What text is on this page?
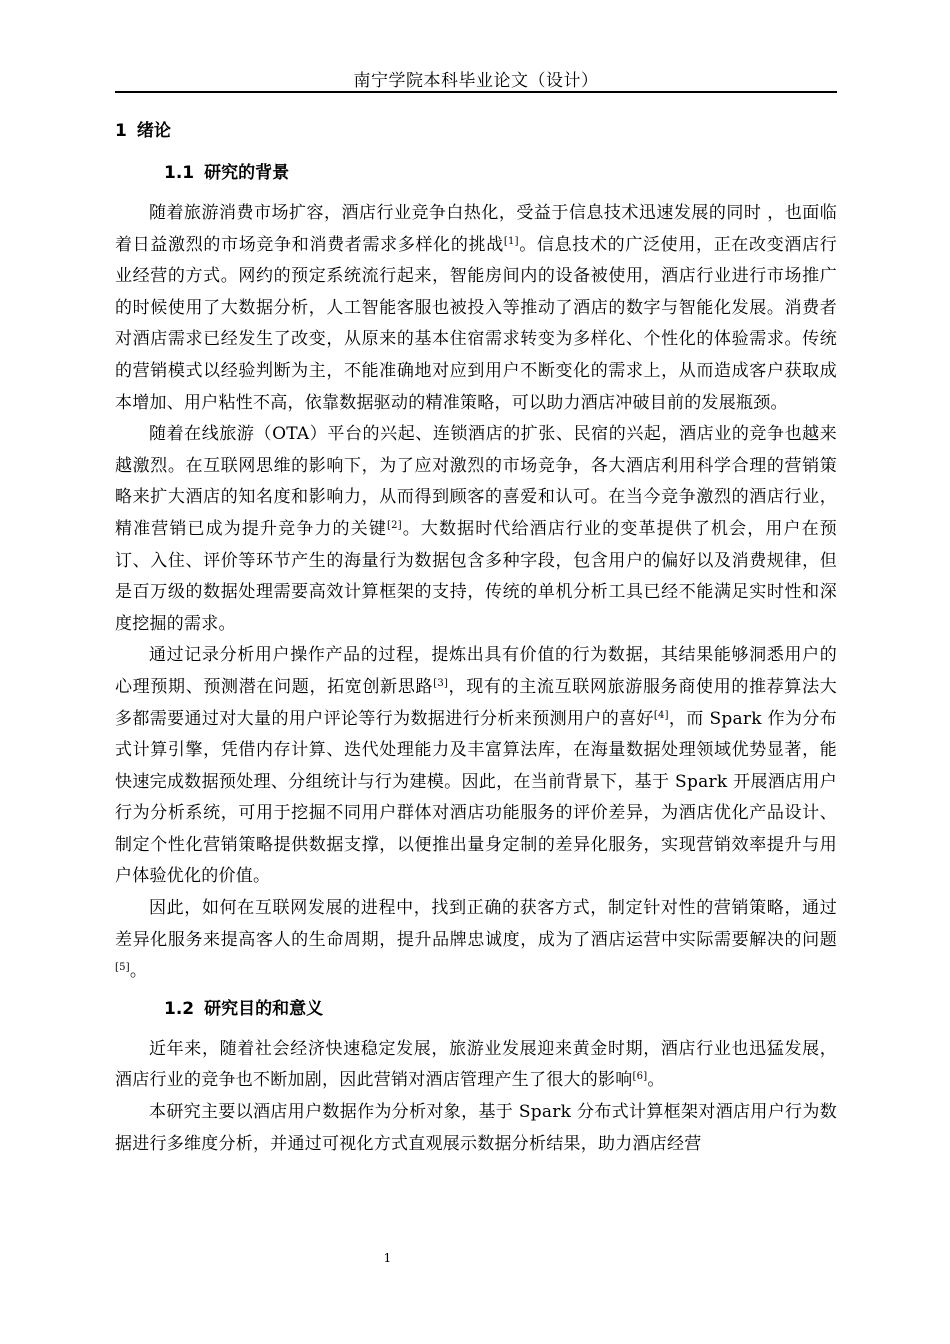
南宁学院本科毕业论文（设计）
1 绪论
1.1 研究的背景

随着旅游消费市场扩容，酒店行业竞争白热化，受益于信息技术迅速发展的同时 ，也面临着日益激烈的市场竞争和消费者需求多样化的挑战[1]。信息技术的广泛使用，正在改变酒店行业经营的方式。网约的预定系统流行起来，智能房间内的设备被使用，酒店行业进行市场推广的时候使用了大数据分析，人工智能客服也被投入等推动了酒店的数字与智能化发展。消费者对酒店需求已经发生了改变，从原来的基本住宿需求转变为多样化、个性化的体验需求。传统的营销模式以经验判断为主，不能准确地对应到用户不断变化的需求上，从而造成客户获取成本增加、用户粘性不高，依靠数据驱动的精准策略，可以助力酒店冲破目前的发展瓶颈。

随着在线旅游（OTA）平台的兴起、连锁酒店的扩张、民宿的兴起，酒店业的竞争也越来越激烈。在互联网思维的影响下，为了应对激烈的市场竞争，各大酒店利用科学合理的营销策略来扩大酒店的知名度和影响力，从而得到顾客的喜爱和认可。在当今竞争激烈的酒店行业，精准营销已成为提升竞争力的关键[2]。大数据时代给酒店行业的变革提供了机会，用户在预订、入住、评价等环节产生的海量行为数据包含多种字段，包含用户的偏好以及消费规律，但是百万级的数据处理需要高效计算框架的支持，传统的单机分析工具已经不能满足实时性和深度挖掘的需求。

通过记录分析用户操作产品的过程，提炼出具有价值的行为数据，其结果能够洞悉用户的心理预期、预测潜在问题，拓宽创新思路[3]，现有的主流互联网旅游服务商使用的推荐算法大多都需要通过对大量的用户评论等行为数据进行分析来预测用户的喜好[4]，而 Spark 作为分布式计算引擎，凭借内存计算、迭代处理能力及丰富算法库，在海量数据处理领域优势显著，能快速完成数据预处理、分组统计与行为建模。因此，在当前背景下，基于 Spark 开展酒店用户行为分析系统，可用于挖掘不同用户群体对酒店功能服务的评价差异，为酒店优化产品设计、制定个性化营销策略提供数据支撑，以便推出量身定制的差异化服务，实现营销效率提升与用户体验优化的价值。

因此，如何在互联网发展的进程中，找到正确的获客方式，制定针对性的营销策略，通过差异化服务来提高客人的生命周期，提升品牌忠诚度，成为了酒店运营中实际需要解决的问题[5]。

1.2 研究目的和意义

近年来，随着社会经济快速稳定发展，旅游业发展迎来黄金时期，酒店行业也迅猛发展，酒店行业的竞争也不断加剧，因此营销对酒店管理产生了很大的影响[6]。

本研究主要以酒店用户数据作为分析对象，基于 Spark 分布式计算框架对酒店用户行为数据进行多维度分析，并通过可视化方式直观展示数据分析结果，助力酒店经营

1
